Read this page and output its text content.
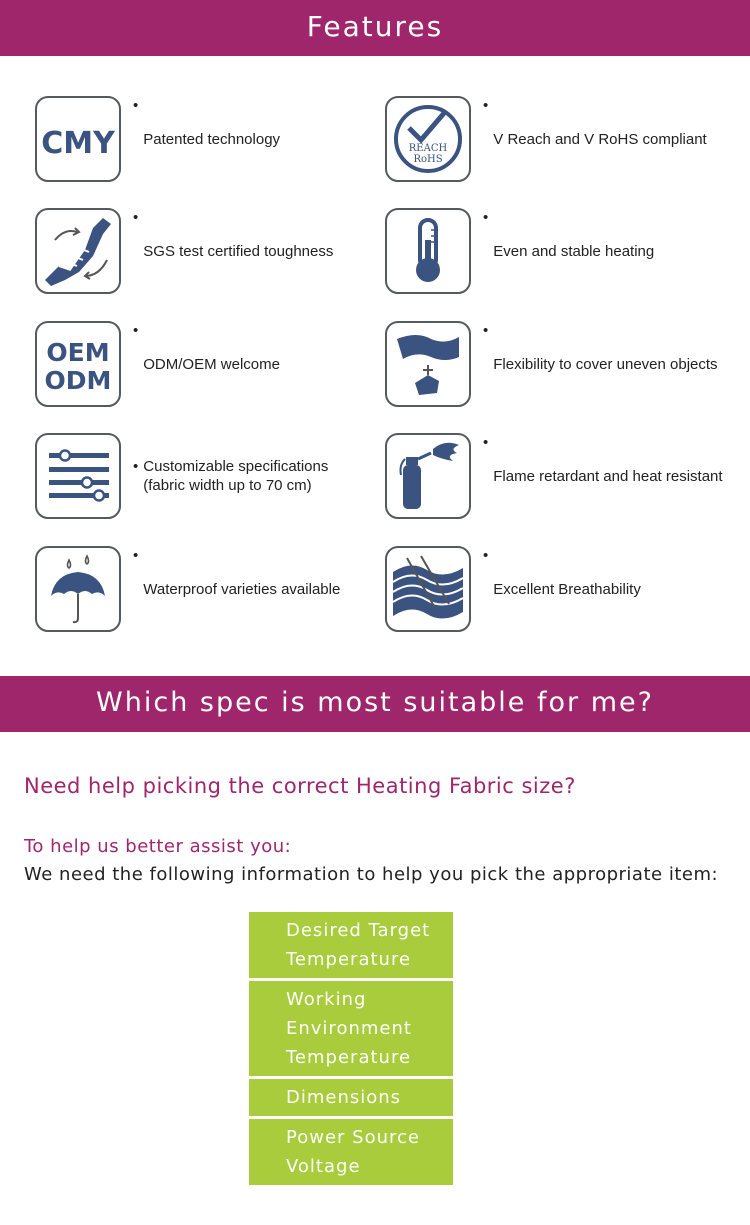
Features
CMY
•
Patented technology
•
SGS test certified toughness
OEM
ODM
•
ODM/OEM welcome
• Customizable specifications
(fabric width up to 70 cm)
•
Waterproof varieties available
REACH
RoHS
•
V Reach and V RoHS compliant
•
Even and stable heating
•
Flexibility to cover uneven objects
•
Flame retardant and heat resistant
•
Excellent Breathability
Which spec is most suitable for me?
Need help picking the correct Heating Fabric size?
To help us better assist you:
We need the following information to help you pick the appropriate item:
Desired Target
Temperature
Working
Environment
Temperature
Dimensions
Power Source
Voltage
